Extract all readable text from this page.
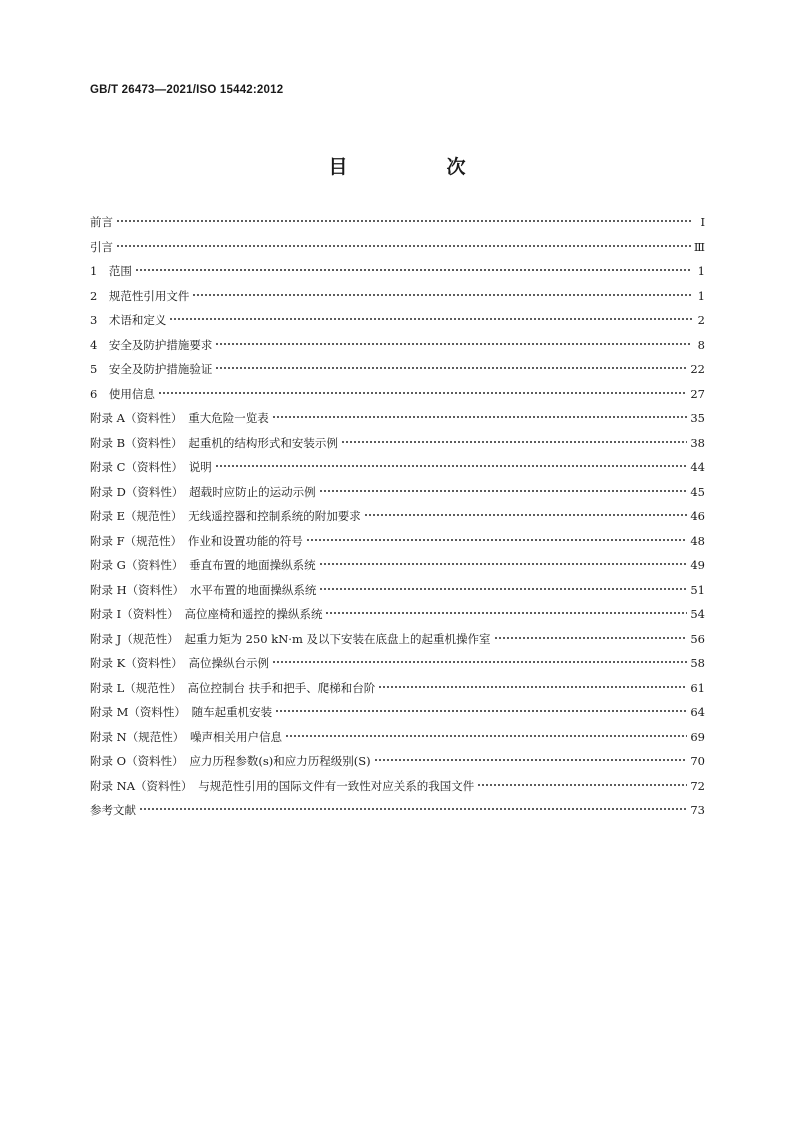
GB/T 26473—2021/ISO 15442:2012
目　次
前言	Ⅰ
引言	Ⅲ
1　范围	1
2　规范性引用文件	1
3　术语和定义	2
4　安全及防护措施要求	8
5　安全及防护措施验证	22
6　使用信息	27
附录 A（资料性）　重大危险一览表	35
附录 B（资料性）　起重机的结构形式和安装示例	38
附录 C（资料性）　说明	44
附录 D（资料性）　超载时应防止的运动示例	45
附录 E（规范性）　无线遥控器和控制系统的附加要求	46
附录 F（规范性）　作业和设置功能的符号	48
附录 G（资料性）　垂直布置的地面操纵系统	49
附录 H（资料性）　水平布置的地面操纵系统	51
附录 I（资料性）　高位座椅和遥控的操纵系统	54
附录 J（规范性）　起重力矩为 250 kN·m 及以下安装在底盘上的起重机操作室	56
附录 K（资料性）　高位操纵台示例	58
附录 L（规范性）　高位控制台 扶手和把手、爬梯和台阶	61
附录 M（资料性）　随车起重机安装	64
附录 N（规范性）　噪声相关用户信息	69
附录 O（资料性）　应力历程参数(s)和应力历程级别(S)	70
附录 NA（资料性）　与规范性引用的国际文件有一致性对应关系的我国文件	72
参考文献	73
